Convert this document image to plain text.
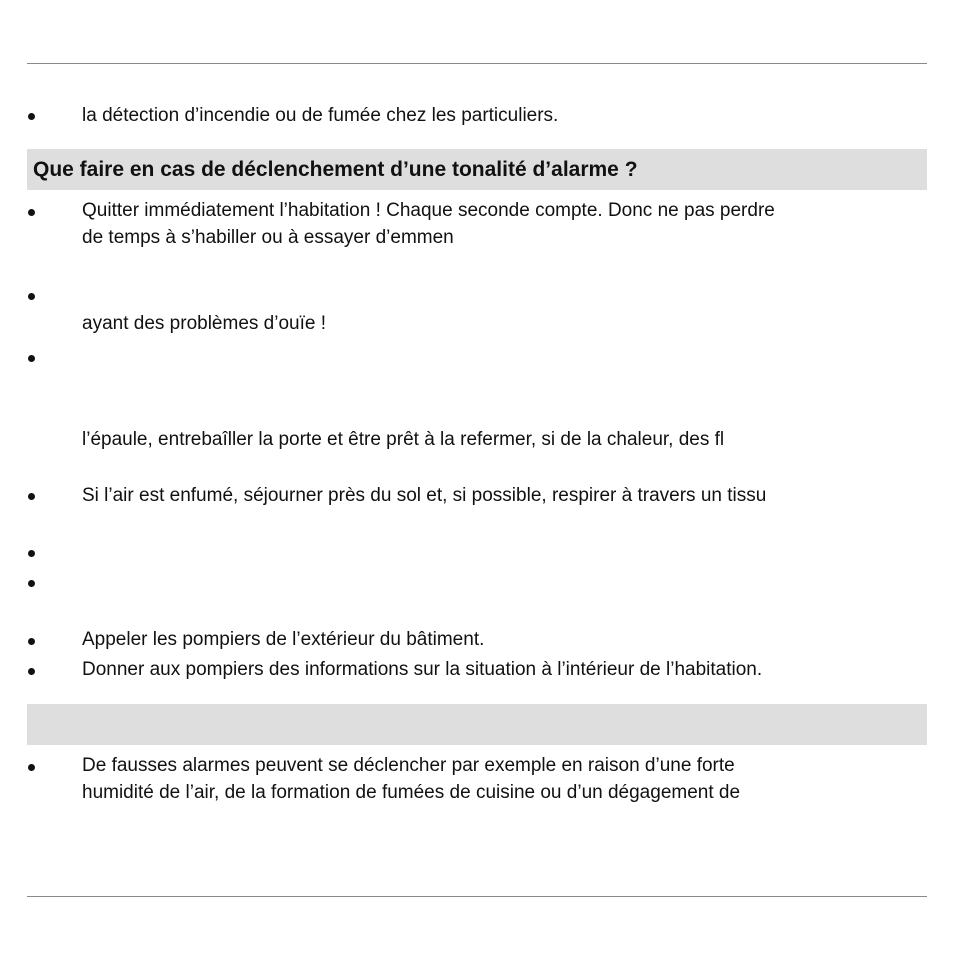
la détection d’incendie ou de fumée chez les particuliers.
Que faire en cas de déclenchement d’une tonalité d’alarme ?
Quitter immédiatement l’habitation ! Chaque seconde compte. Donc ne pas perdre
de temps à s’habiller ou à essayer d’emmen
ayant des problèmes d’ouïe !
l’épaule, entrebaîller la porte et être prêt à la refermer, si de la chaleur, des fl
Si l’air est enfumé, séjourner près du sol et, si possible, respirer à travers un tissu
Appeler les pompiers de l’extérieur du bâtiment.
Donner aux pompiers des informations sur la situation à l’intérieur de l’habitation.
De fausses alarmes peuvent se déclencher par exemple en raison d’une forte
humidité de l’air, de la formation de fumées de cuisine ou d’un dégagement de
